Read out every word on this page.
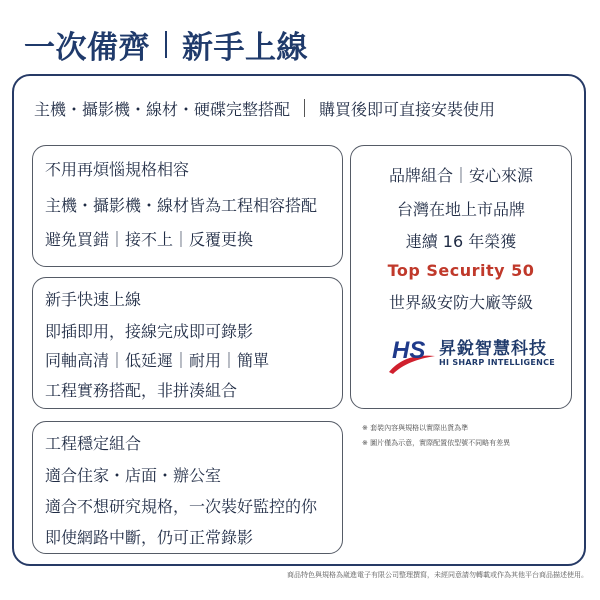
一次備齊 新手上線
主機・攝影機・線材・硬碟完整搭配 購買後即可直接安裝使用
不用再煩惱規格相容
主機・攝影機・線材皆為工程相容搭配
避免買錯｜接不上｜反覆更換
新手快速上線
即插即用，接線完成即可錄影
同軸高清｜低延遲｜耐用｜簡單
工程實務搭配，非拼湊組合
工程穩定組合
適合住家・店面・辦公室
適合不想研究規格，一次裝好監控的你
即使網路中斷，仍可正常錄影
品牌組合｜安心來源
台灣在地上市品牌
連續 16 年榮獲
Top Security 50
世界級安防大廠等級
HS 昇銳智慧科技
HI SHARP INTELLIGENCE
※ 套裝內容與規格以實際出貨為準
※ 圖片僅為示意，實際配置依型號不同略有差異
商品特色與規格為崴進電子有限公司整理撰寫，未經同意請勿轉載或作為其他平台商品描述使用。
